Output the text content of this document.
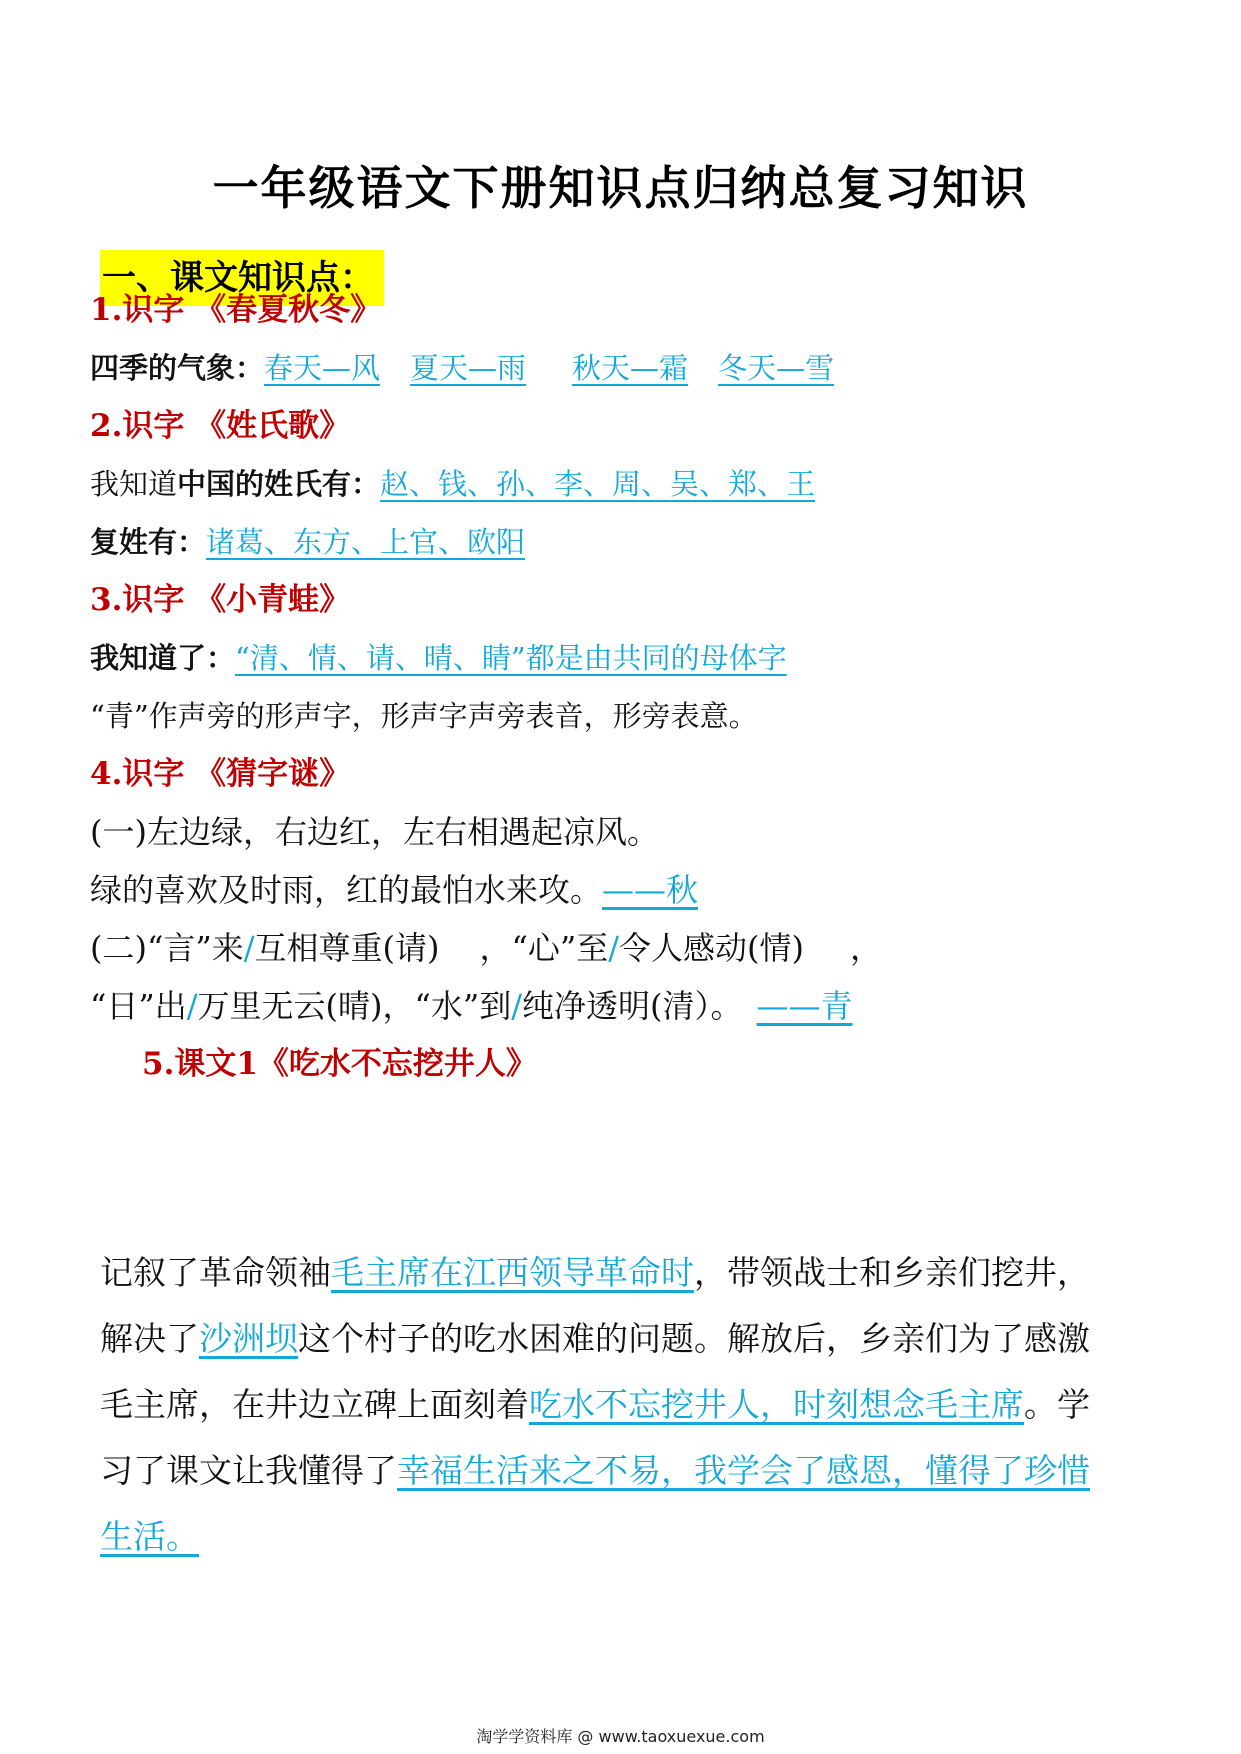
一年级语文下册知识点归纳总复习知识
一、课文知识点：
1.识字 《春夏秋冬》
四季的气象：春天—风 夏天—雨 秋天—霜 冬天—雪
2.识字 《姓氏歌》
我知道中国的姓氏有：赵、钱、孙、李、周、吴、郑、王
复姓有：诸葛、东方、上官、欧阳
3.识字 《小青蛙》
我知道了：“清、情、请、晴、睛”都是由共同的母体字
“青”作声旁的形声字，形声字声旁表音，形旁表意。
4.识字 《猜字谜》
(一)左边绿，右边红，左右相遇起凉风。
绿的喜欢及时雨，红的最怕水来攻。——秋
(二)“言”来/互相尊重(请) ，“心”至/令人感动(情) ，
“日”出/万里无云(晴)，“水”到/纯净透明(清）。 ——青
5.课文1《吃水不忘挖井人》
记叙了革命领袖毛主席在江西领导革命时，带领战士和乡亲们挖井，解决了沙洲坝这个村子的吃水困难的问题。解放后，乡亲们为了感激毛主席，在井边立碑上面刻着吃水不忘挖井人，时刻想念毛主席。学习了课文让我懂得了幸福生活来之不易，我学会了感恩，懂得了珍惜生活。
淘学学资料库 @ www.taoxuexue.com
